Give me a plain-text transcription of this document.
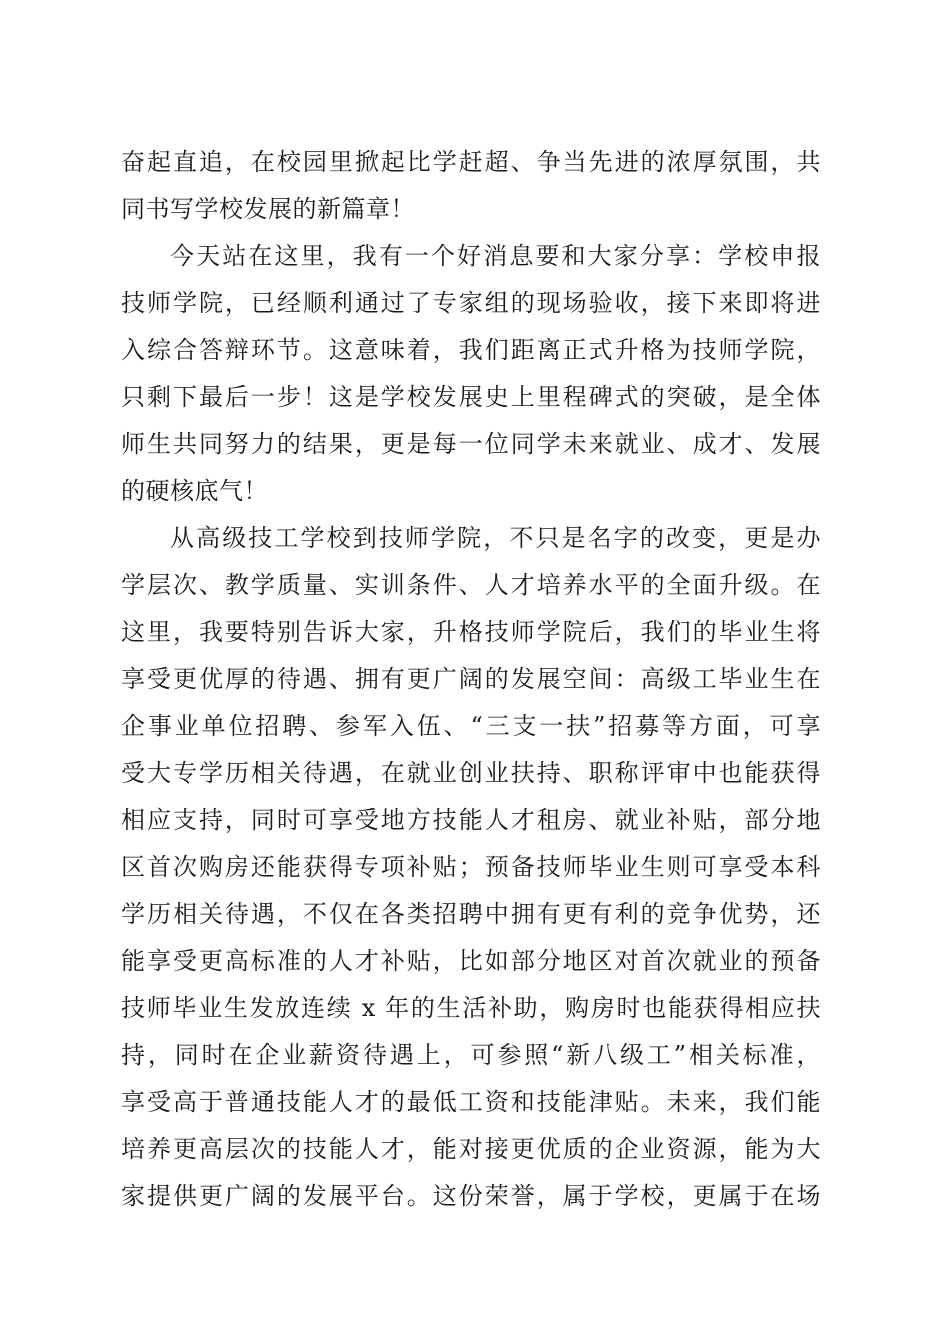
奋起直追，在校园里掀起比学赶超、争当先进的浓厚氛围，共
同书写学校发展的新篇章！

今天站在这里，我有一个好消息要和大家分享：学校申报
技师学院，已经顺利通过了专家组的现场验收，接下来即将进
入综合答辩环节。这意味着，我们距离正式升格为技师学院，
只剩下最后一步！这是学校发展史上里程碑式的突破，是全体
师生共同努力的结果，更是每一位同学未来就业、成才、发展
的硬核底气！

从高级技工学校到技师学院，不只是名字的改变，更是办
学层次、教学质量、实训条件、人才培养水平的全面升级。在
这里，我要特别告诉大家，升格技师学院后，我们的毕业生将
享受更优厚的待遇、拥有更广阔的发展空间：高级工毕业生在
企事业单位招聘、参军入伍、“三支一扶”招募等方面，可享
受大专学历相关待遇，在就业创业扶持、职称评审中也能获得
相应支持，同时可享受地方技能人才租房、就业补贴，部分地
区首次购房还能获得专项补贴；预备技师毕业生则可享受本科
学历相关待遇，不仅在各类招聘中拥有更有利的竞争优势，还
能享受更高标准的人才补贴，比如部分地区对首次就业的预备
技师毕业生发放连续 x 年的生活补助，购房时也能获得相应扶
持，同时在企业薪资待遇上，可参照“新八级工”相关标准，
享受高于普通技能人才的最低工资和技能津贴。未来，我们能
培养更高层次的技能人才，能对接更优质的企业资源，能为大
家提供更广阔的发展平台。这份荣誉，属于学校，更属于在场
